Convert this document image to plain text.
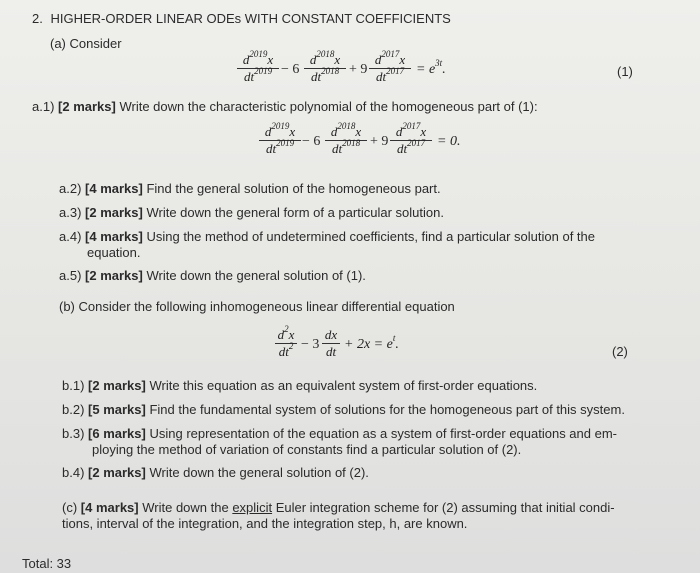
2. HIGHER-ORDER LINEAR ODEs WITH CONSTANT COEFFICIENTS
(a) Consider
$d^{2019}x$
$dt^{2019} - 6$
$d^{2018}x$
$dt^{2018} + 9$
$d^{2017}x$
$dt^{2017} = e^{3t}$.	(1)
a.1) [2 marks] Write down the characteristic polynomial of the homogeneous part of (1):
$d^{2019}x$
$dt^{2019} - 6$
$d^{2018}x$
$dt^{2018} + 9$
$d^{2017}x$
$dt^{2017} = 0$.
a.2) [4 marks] Find the general solution of the homogeneous part.
a.3) [2 marks] Write down the general form of a particular solution.
a.4) [4 marks] Using the method of undetermined coefficients, find a particular solution of the
equation.
a.5) [2 marks] Write down the general solution of (1).
(b) Consider the following inhomogeneous linear differential equation
$d^2x$
$dt^2 - 3$
dx
dt + $2x = e^t$.	(2)
b.1) [2 marks] Write this equation as an equivalent system of first-order equations.
b.2) [5 marks] Find the fundamental system of solutions for the homogeneous part of this system.
b.3) [6 marks] Using representation of the equation as a system of first-order equations and em-
ploying the method of variation of constants find a particular solution of (2).
b.4) [2 marks] Write down the general solution of (2).
(c) [4 marks] Write down the explicit Euler integration scheme for (2) assuming that initial condi-
tions, interval of the integration, and the integration step, h, are known.
Total: 33
